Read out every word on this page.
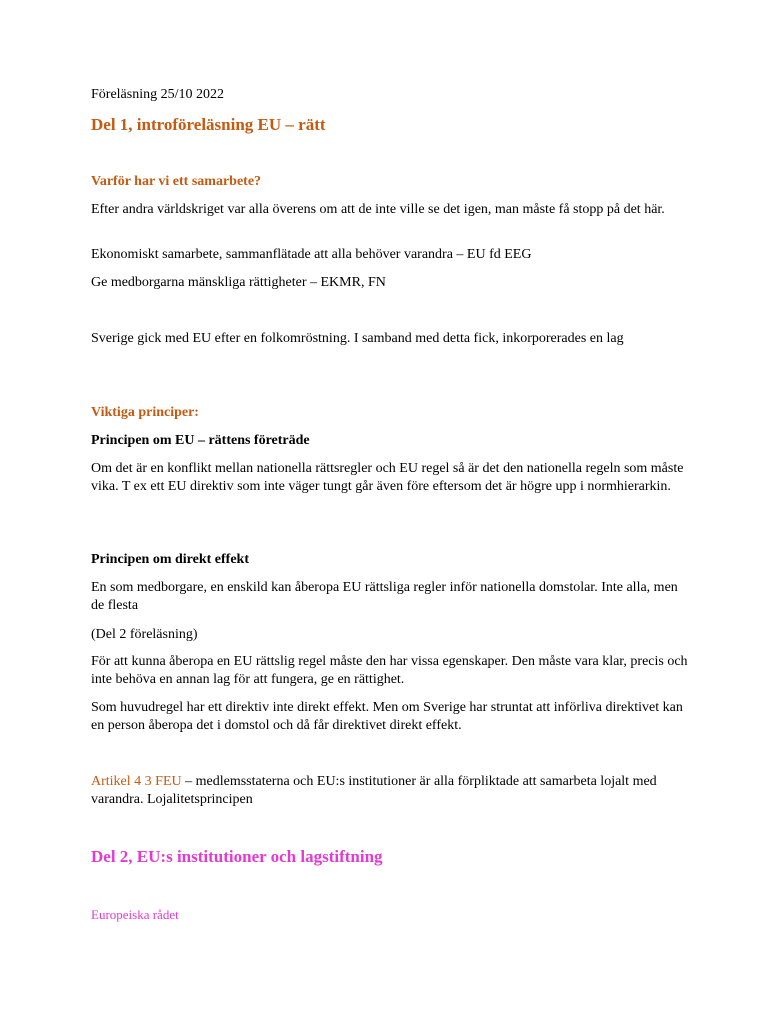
Föreläsning 25/10 2022

Del 1, introföreläsning EU – rätt

Varför har vi ett samarbete?

Efter andra världskriget var alla överens om att de inte ville se det igen, man måste få stopp på det här.

Ekonomiskt samarbete, sammanflätade att alla behöver varandra – EU fd EEG

Ge medborgarna mänskliga rättigheter – EKMR, FN

Sverige gick med EU efter en folkomröstning. I samband med detta fick, inkorporerades en lag

Viktiga principer:

Principen om EU – rättens företräde

Om det är en konflikt mellan nationella rättsregler och EU regel så är det den nationella regeln som måste vika. T ex ett EU direktiv som inte väger tungt går även före eftersom det är högre upp i normhierarkin.

Principen om direkt effekt

En som medborgare, en enskild kan åberopa EU rättsliga regler inför nationella domstolar. Inte alla, men de flesta

(Del 2 föreläsning)

För att kunna åberopa en EU rättslig regel måste den har vissa egenskaper. Den måste vara klar, precis och inte behöva en annan lag för att fungera, ge en rättighet.

Som huvudregel har ett direktiv inte direkt effekt. Men om Sverige har struntat att införliva direktivet kan en person åberopa det i domstol och då får direktivet direkt effekt.

Artikel 4 3 FEU – medlemsstaterna och EU:s institutioner är alla förpliktade att samarbeta lojalt med varandra. Lojalitetsprincipen

Del 2, EU:s institutioner och lagstiftning

Europeiska rådet
